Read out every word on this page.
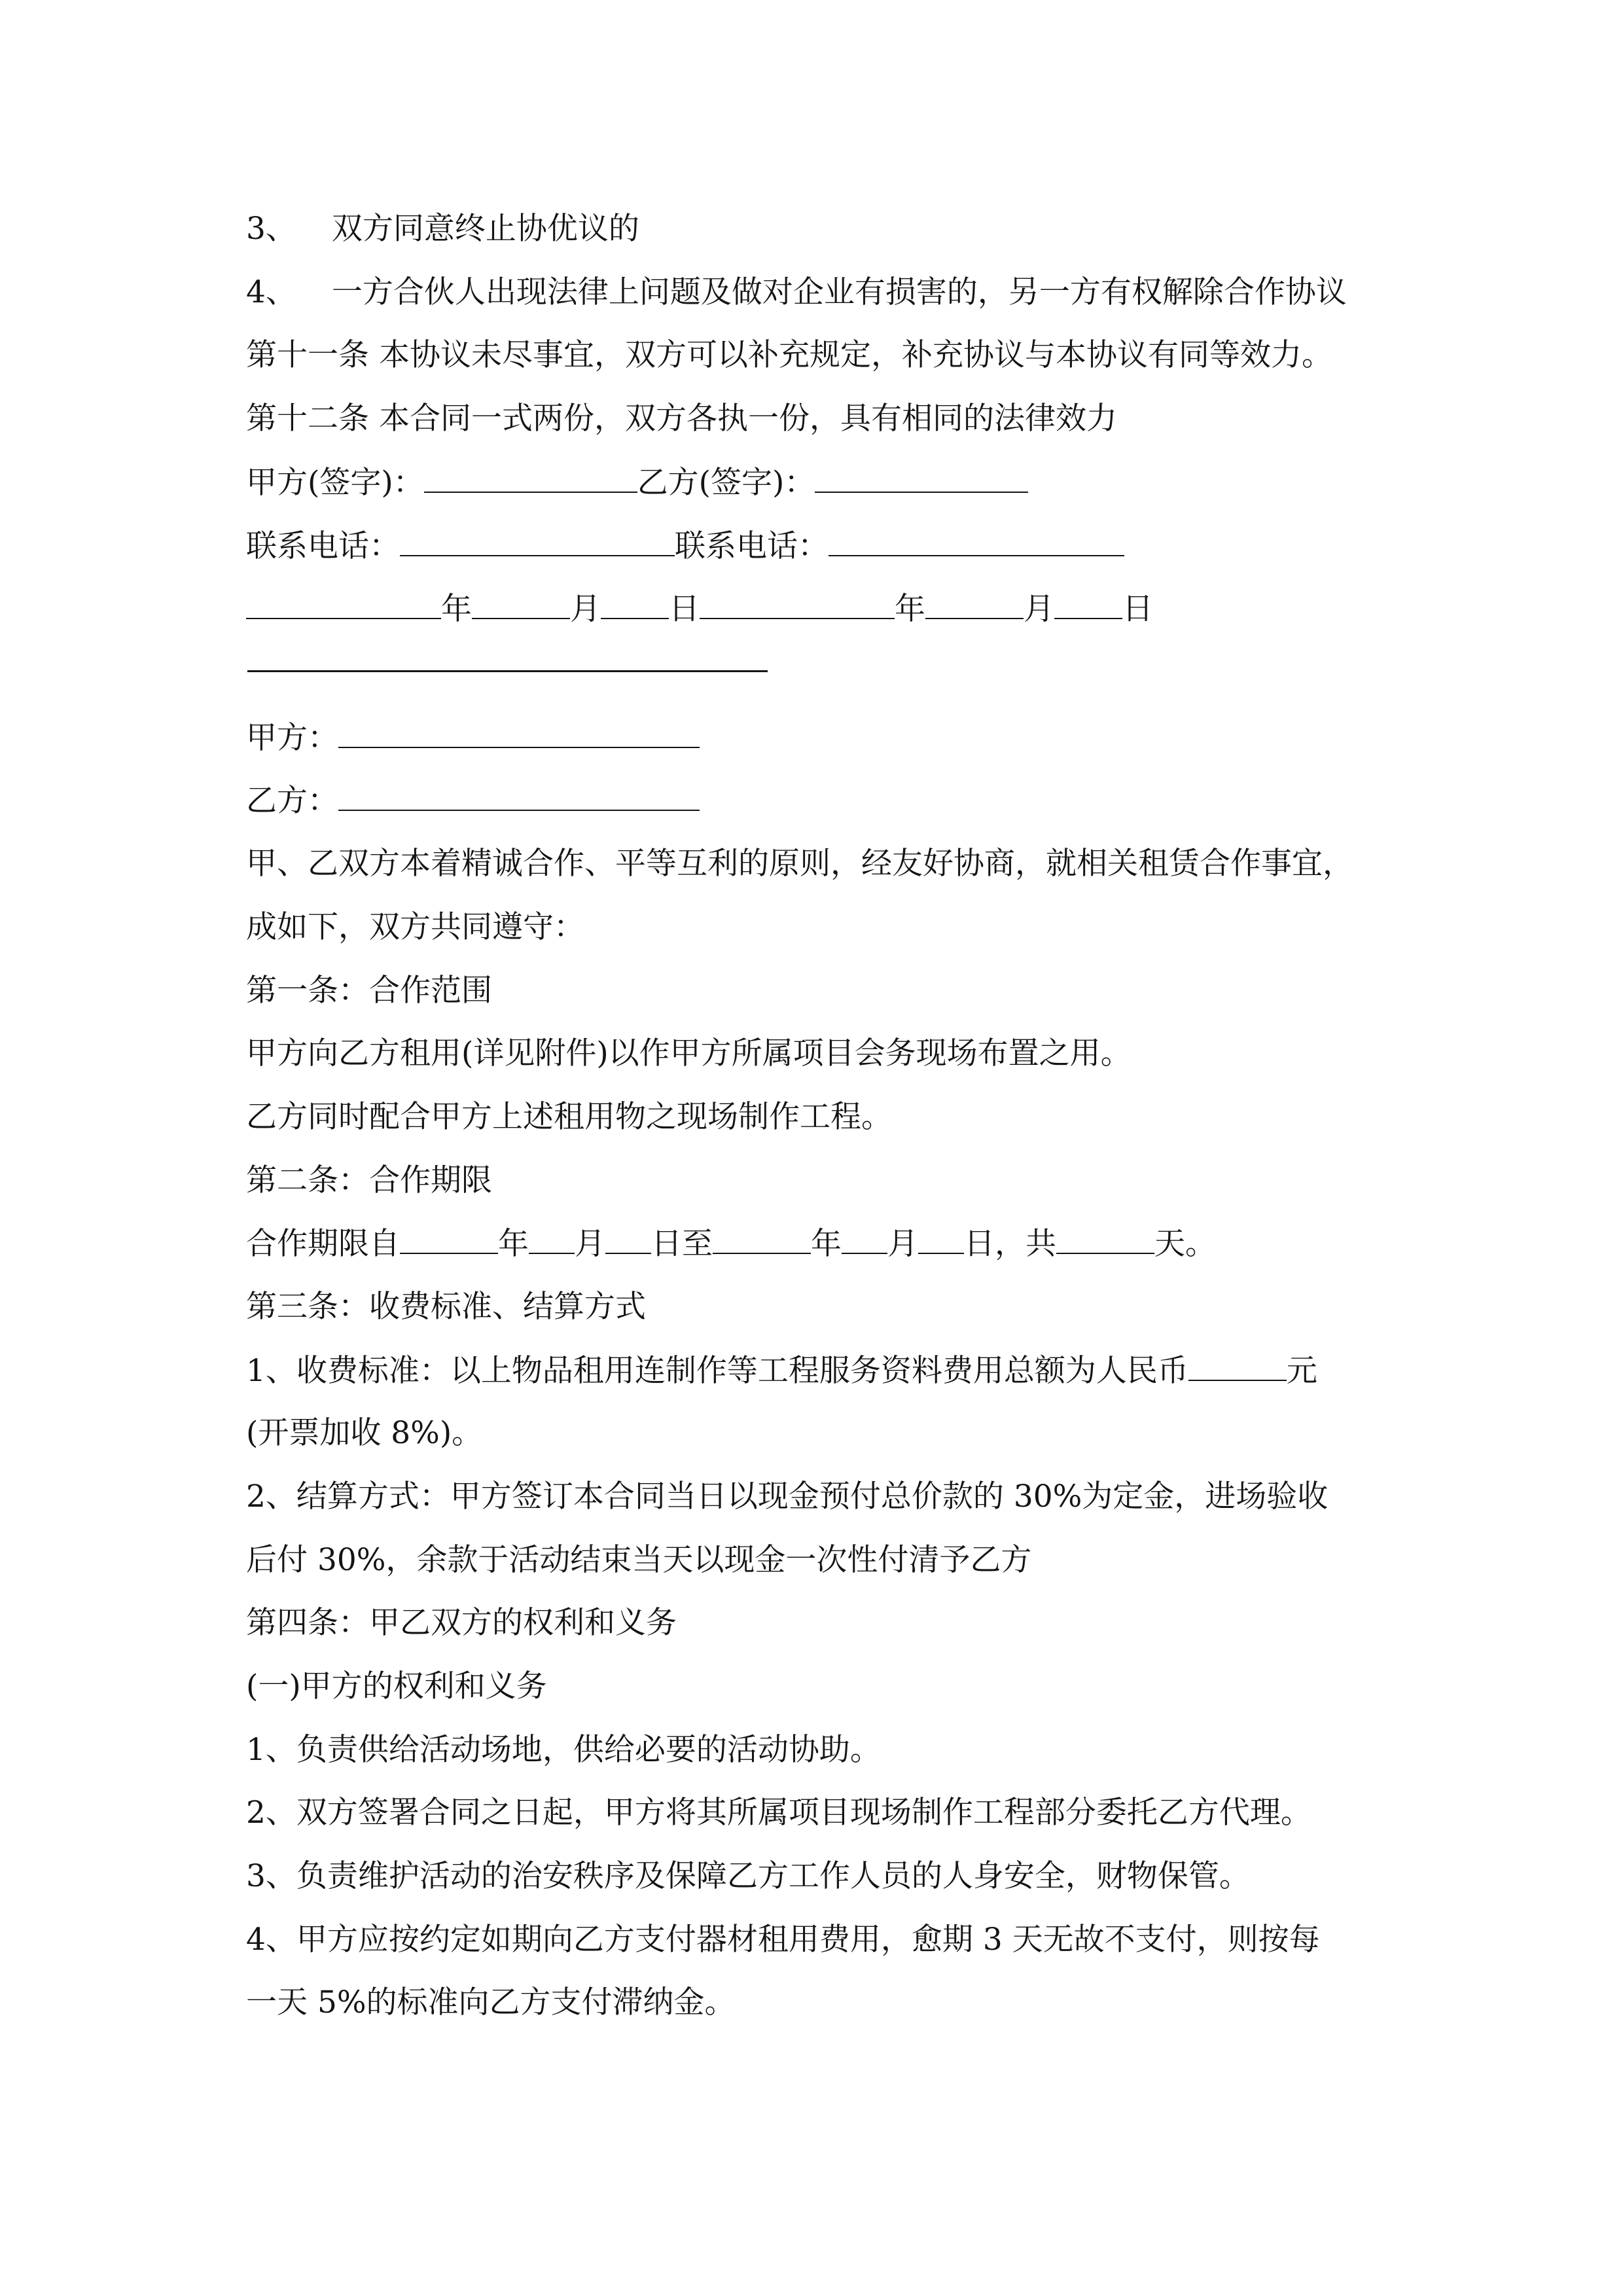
3、 双方同意终止协优议的
4、 一方合伙人出现法律上问题及做对企业有损害的，另一方有权解除合作协议
第十一条 本协议未尽事宜，双方可以补充规定，补充协议与本协议有同等效力。
第十二条 本合同一式两份，双方各执一份，具有相同的法律效力
甲方(签字)：	乙方(签字)：
联系电话：	联系电话：
年	月 日	年	月 日
甲方：
乙方：
甲、乙双方本着精诚合作、平等互利的原则，经友好协商，就相关租赁合作事宜，
成如下，双方共同遵守：
第一条：合作范围
甲方向乙方租用(详见附件)以作甲方所属项目会务现场布置之用。
乙方同时配合甲方上述租用物之现场制作工程。
第二条：合作期限
合作期限自	年 月 日至	年 月 日，共	天。
第三条：收费标准、结算方式
1、收费标准：以上物品租用连制作等工程服务资料费用总额为人民币	元
(开票加收 8%)。
2、结算方式：甲方签订本合同当日以现金预付总价款的 30%为定金，进场验收
后付 30%，余款于活动结束当天以现金一次性付清予乙方
第四条：甲乙双方的权利和义务
(一)甲方的权利和义务
1、负责供给活动场地，供给必要的活动协助。
2、双方签署合同之日起，甲方将其所属项目现场制作工程部分委托乙方代理。
3、负责维护活动的治安秩序及保障乙方工作人员的人身安全，财物保管。
4、甲方应按约定如期向乙方支付器材租用费用，愈期 3 天无故不支付，则按每
一天 5%的标准向乙方支付滞纳金。
